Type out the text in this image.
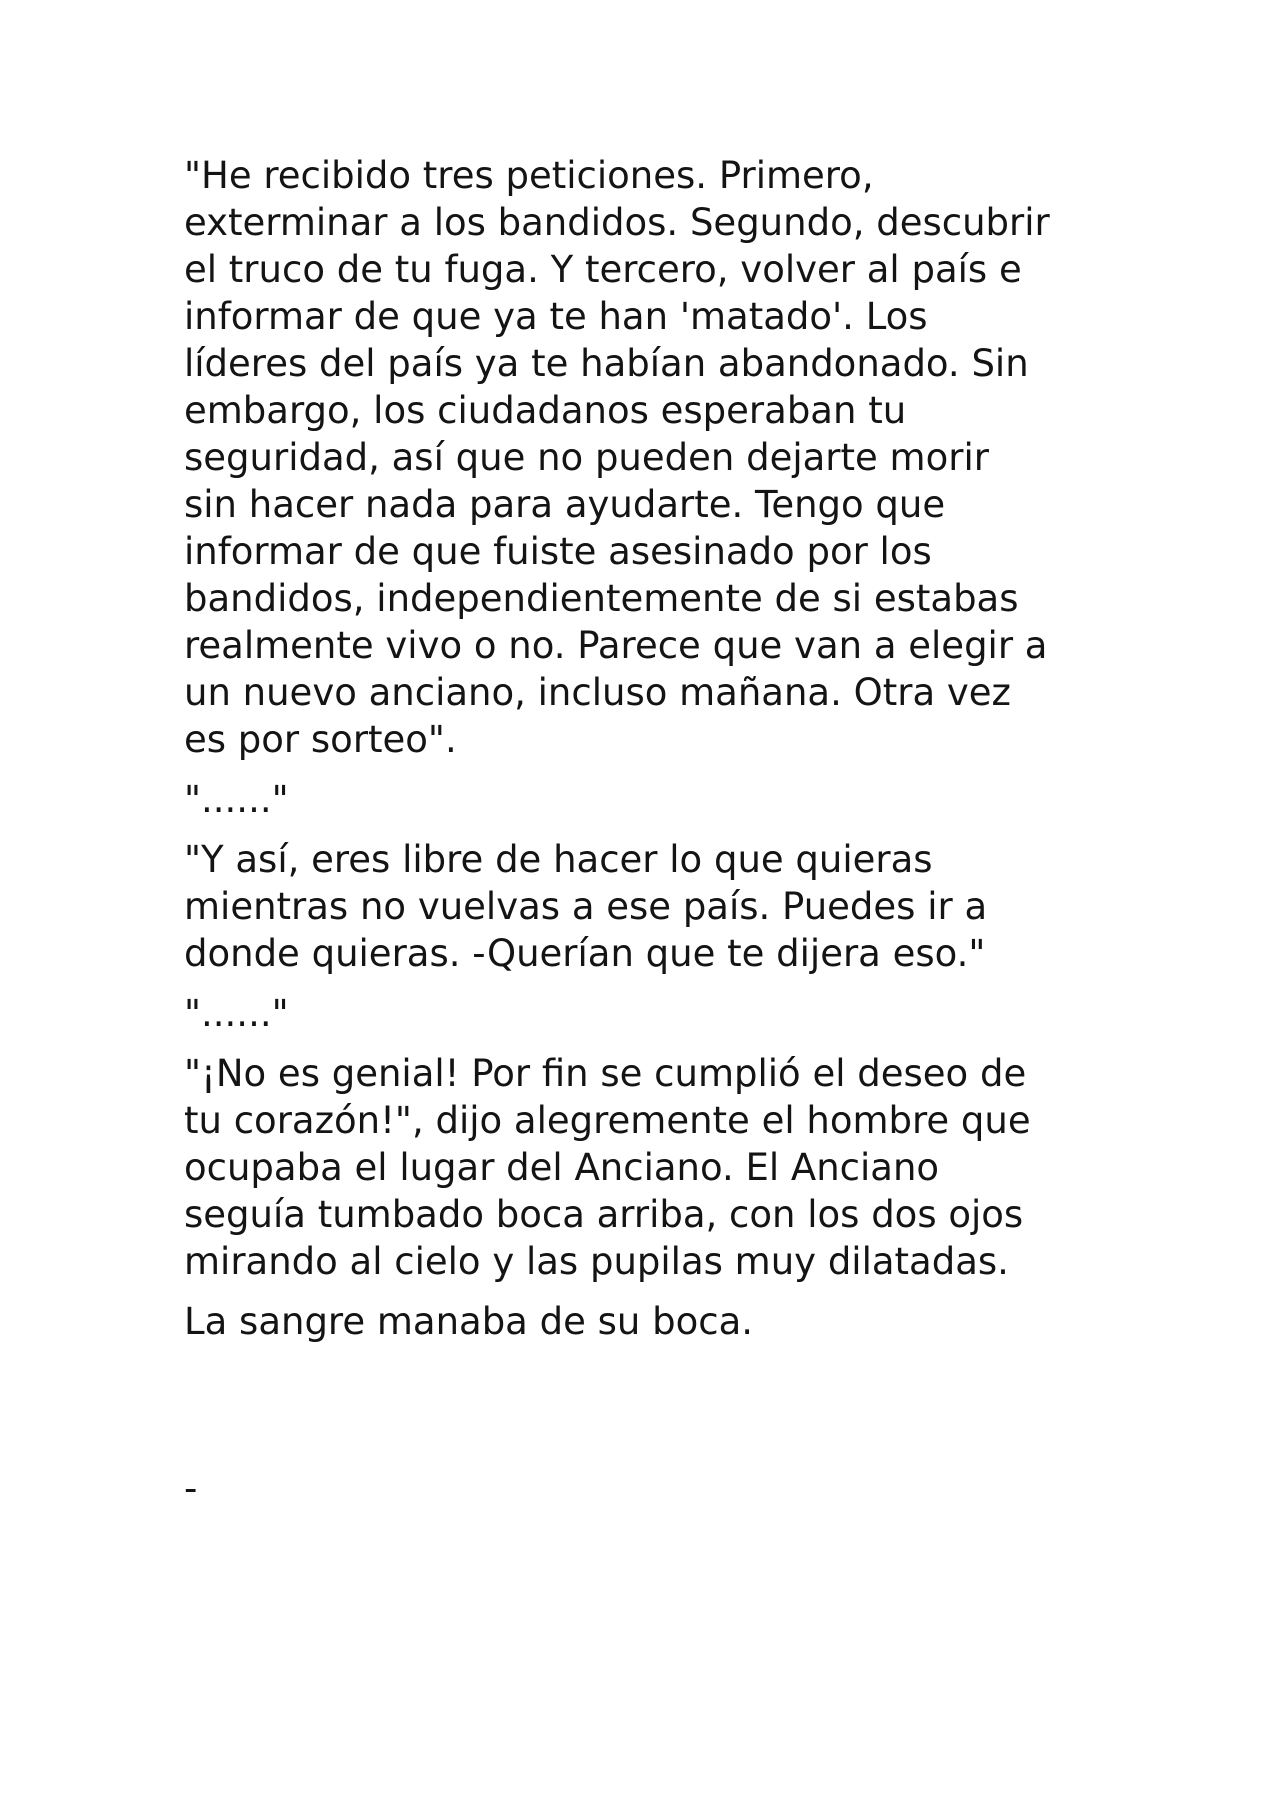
"He recibido tres peticiones. Primero,
exterminar a los bandidos. Segundo, descubrir
el truco de tu fuga. Y tercero, volver al país e
informar de que ya te han 'matado'. Los
líderes del país ya te habían abandonado. Sin
embargo, los ciudadanos esperaban tu
seguridad, así que no pueden dejarte morir
sin hacer nada para ayudarte. Tengo que
informar de que fuiste asesinado por los
bandidos, independientemente de si estabas
realmente vivo o no. Parece que van a elegir a
un nuevo anciano, incluso mañana. Otra vez
es por sorteo".

"......"

"Y así, eres libre de hacer lo que quieras
mientras no vuelvas a ese país. Puedes ir a
donde quieras. -Querían que te dijera eso."

"......"

"¡No es genial! Por fin se cumplió el deseo de
tu corazón!", dijo alegremente el hombre que
ocupaba el lugar del Anciano. El Anciano
seguía tumbado boca arriba, con los dos ojos
mirando al cielo y las pupilas muy dilatadas.

La sangre manaba de su boca.

-
